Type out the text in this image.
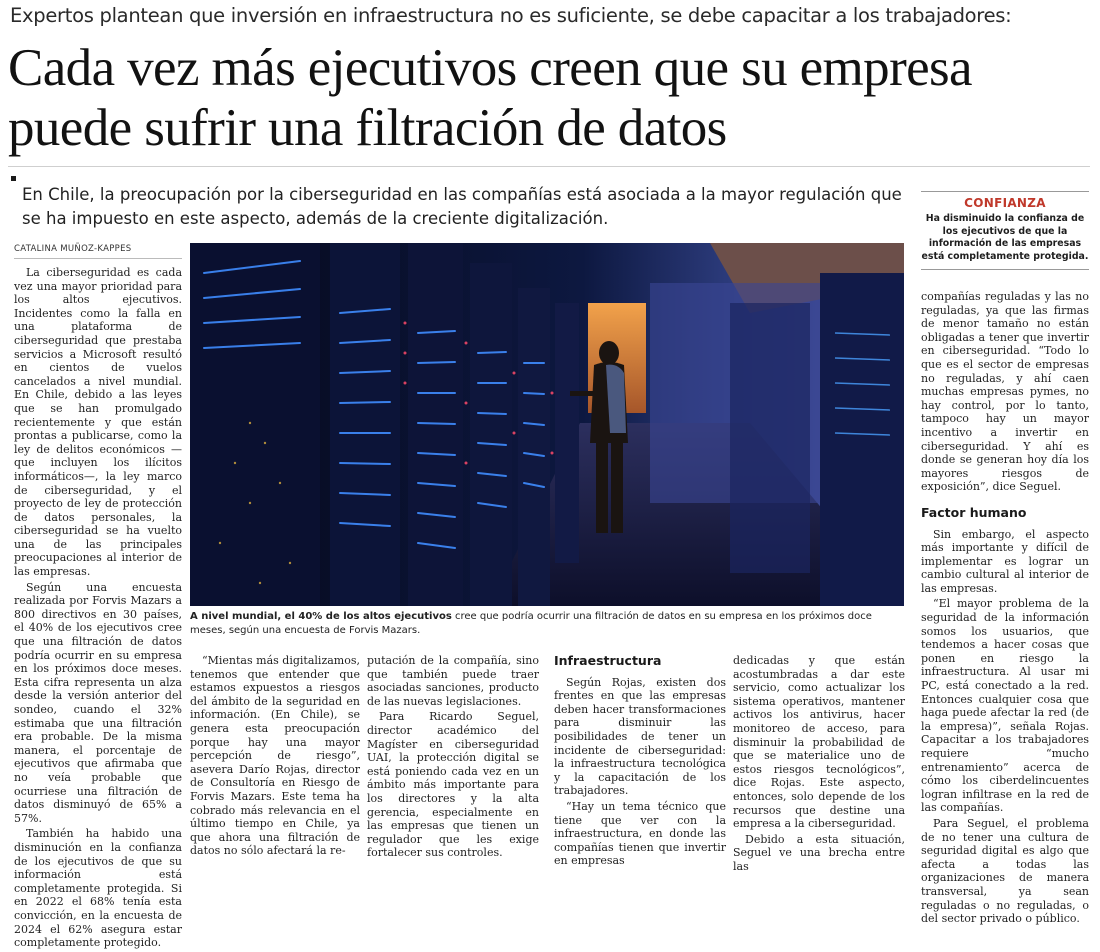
Expertos plantean que inversión en infraestructura no es suficiente, se debe capacitar a los trabajadores:
Cada vez más ejecutivos creen que su empresa puede sufrir una filtración de datos
En Chile, la preocupación por la ciberseguridad en las compañías está asociada a la mayor regulación que se ha impuesto en este aspecto, además de la creciente digitalización.
CONFIANZA
Ha disminuido la confianza de los ejecutivos de que la información de las empresas está completamente protegida.
CATALINA MUÑOZ-KAPPES

La ciberseguridad es cada vez una mayor prioridad para los altos ejecutivos. Incidentes como la falla en una plataforma de ciberseguridad que prestaba servicios a Microsoft resultó en cientos de vuelos cancelados a nivel mundial. En Chile, debido a las leyes que se han promulgado recientemente y que están prontas a publicarse, como la ley de delitos económicos —que incluyen los ilícitos informáticos—, la ley marco de ciberseguridad, y el proyecto de ley de protección de datos personales, la ciberseguridad se ha vuelto una de las principales preocupaciones al interior de las empresas.

Según una encuesta realizada por Forvis Mazars a 800 directivos en 30 países, el 40% de los ejecutivos cree que una filtración de datos podría ocurrir en su empresa en los próximos doce meses. Esta cifra representa un alza desde la versión anterior del sondeo, cuando el 32% estimaba que una filtración era probable. De la misma manera, el porcentaje de ejecutivos que afirmaba que no veía probable que ocurriese una filtración de datos disminuyó de 65% a 57%.

También ha habido una disminución en la confianza de los ejecutivos de que su información está completamente protegida. Si en 2022 el 68% tenía esta convicción, en la encuesta de 2024 el 62% asegura estar completamente protegido.

A nivel mundial, el 40% de los altos ejecutivos cree que podría ocurrir una filtración de datos en su empresa en los próximos doce meses, según una encuesta de Forvis Mazars.

“Mientas más digitalizamos, tenemos que entender que estamos expuestos a riesgos del ámbito de la seguridad en información. (En Chile), se genera esta preocupación porque hay una mayor percepción de riesgo”, asevera Darío Rojas, director de Consultoría en Riesgo de Forvis Mazars. Este tema ha cobrado más relevancia en el último tiempo en Chile, ya que ahora una filtración de datos no sólo afectará la re-

putación de la compañía, sino que también puede traer asociadas sanciones, producto de las nuevas legislaciones.

Para Ricardo Seguel, director académico del Magíster en ciberseguridad UAI, la protección digital se está poniendo cada vez en un ámbito más importante para los directores y la alta gerencia, especialmente en las empresas que tienen un regulador que les exige fortalecer sus controles.

Infraestructura

Según Rojas, existen dos frentes en que las empresas deben hacer transformaciones para disminuir las posibilidades de tener un incidente de ciberseguridad: la infraestructura tecnológica y la capacitación de los trabajadores.

“Hay un tema técnico que tiene que ver con la infraestructura, en donde las compañías tienen que invertir en empresas

dedicadas y que están acostumbradas a dar este servicio, como actualizar los sistema operativos, mantener activos los antivirus, hacer monitoreo de acceso, para disminuir la probabilidad de que se materialice uno de estos riesgos tecnológicos”, dice Rojas. Este aspecto, entonces, solo depende de los recursos que destine una empresa a la ciberseguridad.

Debido a esta situación, Seguel ve una brecha entre las

compañías reguladas y las no reguladas, ya que las firmas de menor tamaño no están obligadas a tener que invertir en ciberseguridad. “Todo lo que es el sector de empresas no reguladas, y ahí caen muchas empresas pymes, no hay control, por lo tanto, tampoco hay un mayor incentivo a invertir en ciberseguridad. Y ahí es donde se generan hoy día los mayores riesgos de exposición”, dice Seguel.

Factor humano

Sin embargo, el aspecto más importante y difícil de implementar es lograr un cambio cultural al interior de las empresas.

“El mayor problema de la seguridad de la información somos los usuarios, que tendemos a hacer cosas que ponen en riesgo la infraestructura. Al usar mi PC, está conectado a la red. Entonces cualquier cosa que haga puede afectar la red (de la empresa)”, señala Rojas. Capacitar a los trabajadores requiere “mucho entrenamiento” acerca de cómo los ciberdelincuentes logran infiltrase en la red de las compañías.

Para Seguel, el problema de no tener una cultura de seguridad digital es algo que afecta a todas las organizaciones de manera transversal, ya sean reguladas o no reguladas, o del sector privado o público.
